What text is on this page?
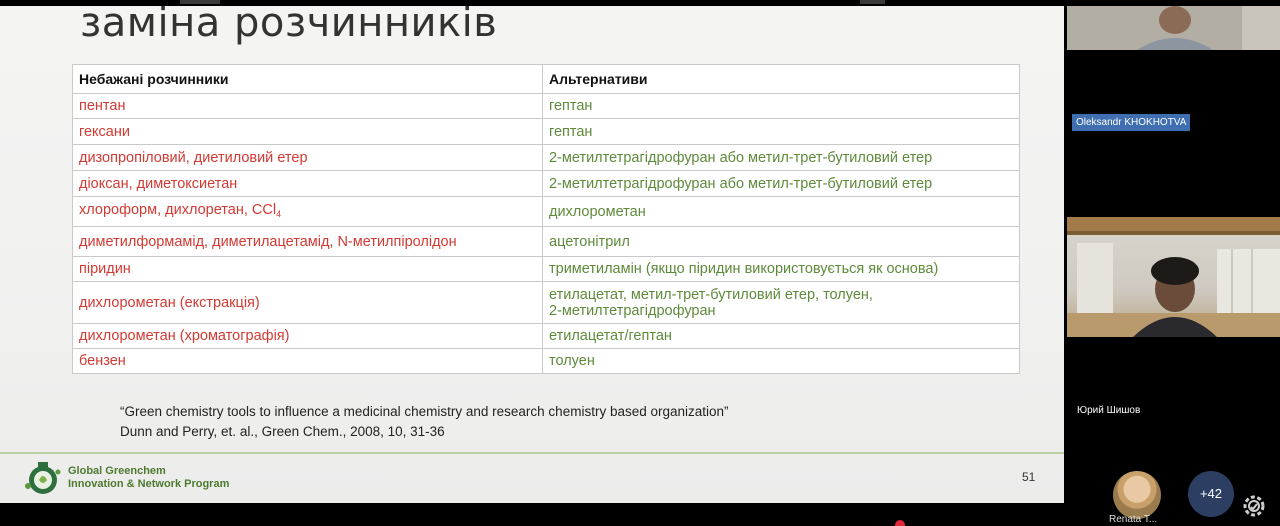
заміна розчинників
Небажані розчинники	Альтернативи
пентан	гептан
гексани	гептан
дизопропіловий, диетиловий етер	2-метилтетрагідрофуран або метил-трет-бутиловий етер
діоксан, диметоксиетан	2-метилтетрагідрофуран або метил-трет-бутиловий етер
хлороформ, дихлоретан, CCl$_4$	дихлорометан
диметилформамід, диметилацетамід, N-метилпіролідон	ацетонітрил
піридин	триметиламін (якщо піридин використовується як основа)
дихлорометан (екстракція)	етилацетат, метил-трет-бутиловий етер, толуен,
2-метилтетрагідрофуран

дихлорометан (хроматографія)	етилацетат/гептан
бензен	толуен
“Green chemistry tools to influence a medicinal chemistry and research chemistry based organization”
Dunn and Perry, et. al., Green Chem., 2008, 10, 31-36
Global Greenchem
Innovation & Network Program	51
Oleksandr KHOKHOTVA
Юрий Шишов
Renata T...
+42
